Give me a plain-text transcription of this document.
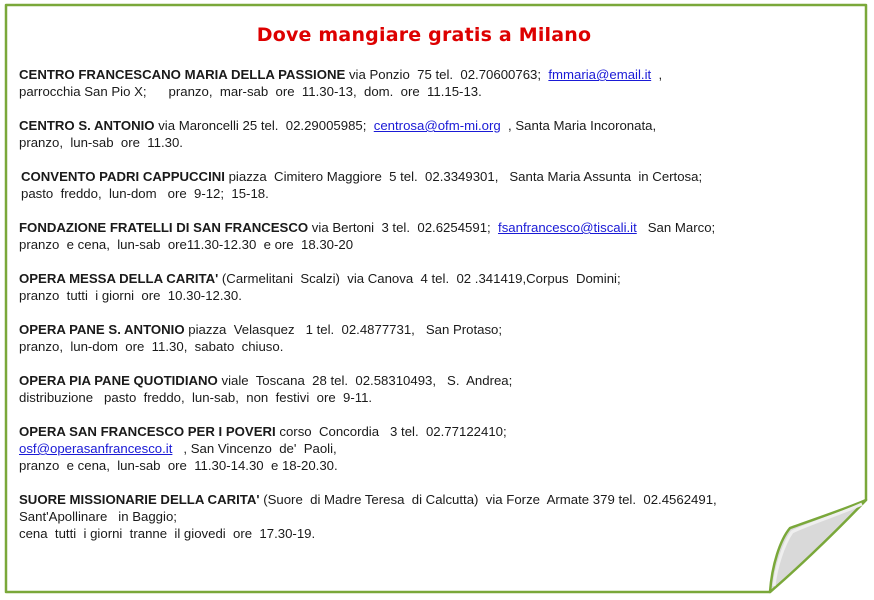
Dove mangiare gratis a Milano
CENTRO FRANCESCANO MARIA DELLA PASSIONE via Ponzio  75 tel.  02.70600763;  fmmaria@email.it  ,
parrocchia San Pio X;      pranzo,  mar-sab  ore  11.30-13,  dom.  ore  11.15-13.
CENTRO S. ANTONIO via Maroncelli 25 tel.  02.29005985;  centrosa@ofm-mi.org  , Santa Maria Incoronata,
pranzo,  lun-sab  ore  11.30.
CONVENTO PADRI CAPPUCCINI piazza  Cimitero Maggiore  5 tel.  02.3349301,   Santa Maria Assunta  in Certosa;
pasto  freddo,  lun-dom   ore  9-12;  15-18.
FONDAZIONE FRATELLI DI SAN FRANCESCO via Bertoni  3 tel.  02.6254591;  fsanfrancesco@tiscali.it   San Marco;
pranzo  e cena,  lun-sab  ore11.30-12.30  e ore  18.30-20
OPERA MESSA DELLA CARITA' (Carmelitani  Scalzi)  via Canova  4 tel.  02 .341419,Corpus  Domini;
pranzo  tutti  i giorni  ore  10.30-12.30.
OPERA PANE S. ANTONIO piazza  Velasquez   1 tel.  02.4877731,   San Protaso;
pranzo,  lun-dom  ore  11.30,  sabato  chiuso.
OPERA PIA PANE QUOTIDIANO viale  Toscana  28 tel.  02.58310493,   S.  Andrea;
distribuzione   pasto  freddo,  lun-sab,  non  festivi  ore  9-11.
OPERA SAN FRANCESCO PER I POVERI corso  Concordia   3 tel.  02.77122410;
osf@operasanfrancesco.it   , San Vincenzo  de'  Paoli,
pranzo  e cena,  lun-sab  ore  11.30-14.30  e 18-20.30.
SUORE MISSIONARIE DELLA CARITA' (Suore  di Madre Teresa  di Calcutta)  via Forze  Armate 379 tel.  02.4562491,
Sant'Apollinare   in Baggio;
cena  tutti  i giorni  tranne  il giovedi  ore  17.30-19.
